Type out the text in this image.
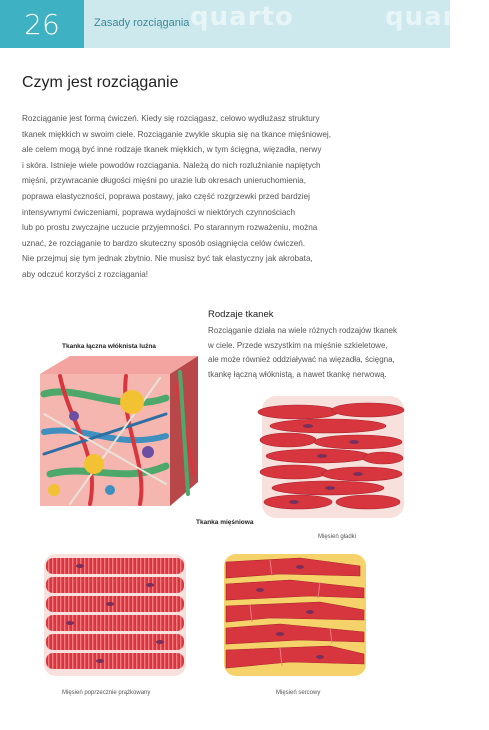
26	Zasady rozciągania quarto	quarto
Czym jest rozciąganie
Rozciąganie jest formą ćwiczeń. Kiedy się rozciągasz, celowo wydłużasz struktury
tkanek miękkich w swoim ciele. Rozciąganie zwykle skupia się na tkance mięśniowej,
ale celem mogą być inne rodzaje tkanek miękkich, w tym ścięgna, więzadła, nerwy
i skóra. Istnieje wiele powodów rozciągania. Należą do nich rozluźnianie napiętych
mięśni, przywracanie długości mięśni po urazie lub okresach unieruchomienia,
poprawa elastyczności, poprawa postawy, jako część rozgrzewki przed bardziej
intensywnymi ćwiczeniami, poprawa wydajności w niektórych czynnościach
lub po prostu zwyczajne uczucie przyjemności. Po starannym rozważeniu, można
uznać, że rozciąganie to bardzo skuteczny sposób osiągnięcia celów ćwiczeń.
Nie przejmuj się tym jednak zbytnio. Nie musisz być tak elastyczny jak akrobata,
aby odczuć korzyści z rozciągania!
Rodzaje tkanek
Rozciąganie działa na wiele różnych rodzajów tkanek
w ciele. Przede wszystkim na mięśnie szkieletowe,
ale może również oddziaływać na więzadła, ścięgna,
tkankę łączną włóknistą, a nawet tkankę nerwową.
Tkanka łączna włóknista luźna
Tkanka mięśniowa
Mięsień gładki
Mięsień poprzecznie prążkowany	Mięsień sercowy
